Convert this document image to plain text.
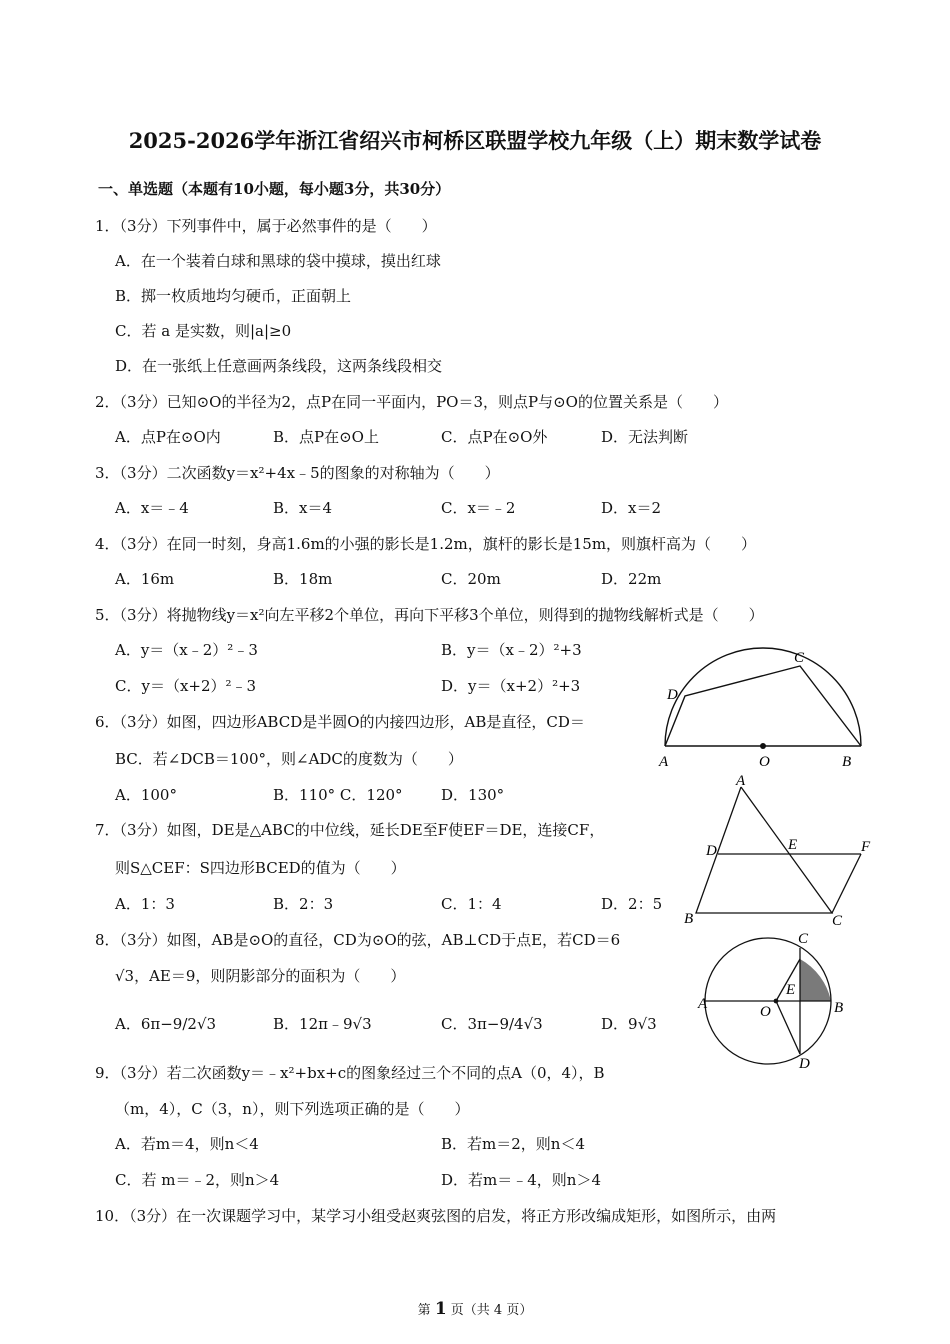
2025-2026学年浙江省绍兴市柯桥区联盟学校九年级（上）期末数学试卷
一、单选题（本题有10小题，每小题3分，共30分）
1．（3分）下列事件中，属于必然事件的是（　　）
A．在一个装着白球和黑球的袋中摸球，摸出红球
B．掷一枚质地均匀硬币，正面朝上
C．若 a 是实数，则|a|≥0
D．在一张纸上任意画两条线段，这两条线段相交
2．（3分）已知⊙O的半径为2，点P在同一平面内，PO＝3，则点P与⊙O的位置关系是（　　）
A．点P在⊙O内	B．点P在⊙O上	C．点P在⊙O外	D．无法判断
3．（3分）二次函数y＝x²+4x﹣5的图象的对称轴为（　　）
A．x＝﹣4	B．x＝4	C．x＝﹣2	D．x＝2
4．（3分）在同一时刻，身高1.6m的小强的影长是1.2m，旗杆的影长是15m，则旗杆高为（　　）
A．16m	B．18m	C．20m	D．22m
5．（3分）将抛物线y＝x²向左平移2个单位，再向下平移3个单位，则得到的抛物线解析式是（　　）
A．y＝（x﹣2）²﹣3	B．y＝（x﹣2）²+3
C．y＝（x+2）²﹣3	D．y＝（x+2）²+3
A	O	B
C
D
6．（3分）如图，四边形ABCD是半圆O的内接四边形，AB是直径，CD＝
BC．若∠DCB＝100°，则∠ADC的度数为（　　）
A．100°	B．110° C．120°	D．130°
A
D	E	F
B	C
7．（3分）如图，DE是△ABC的中位线，延长DE至F使EF＝DE，连接CF，
则S△CEF：S四边形BCED的值为（　　）
A．1：3	B．2：3	C．1：4	D．2：5
A	B
C
D
E
O
8．（3分）如图，AB是⊙O的直径，CD为⊙O的弦，AB⊥CD于点E，若CD＝6
√3，AE＝9，则阴影部分的面积为（　　）
A．6π−9/2√3	B．12π﹣9√3	C．3π−9/4√3	D．9√3
9．（3分）若二次函数y＝﹣x²+bx+c的图象经过三个不同的点A（0，4），B
（m，4），C（3，n），则下列选项正确的是（　　）
A．若m＝4，则n＜4	B．若m＝2，则n＜4
C．若 m＝﹣2，则n＞4	D．若m＝﹣4，则n＞4
10．（3分）在一次课题学习中，某学习小组受赵爽弦图的启发，将正方形改编成矩形，如图所示，由两
第 1 页（共 4 页）
